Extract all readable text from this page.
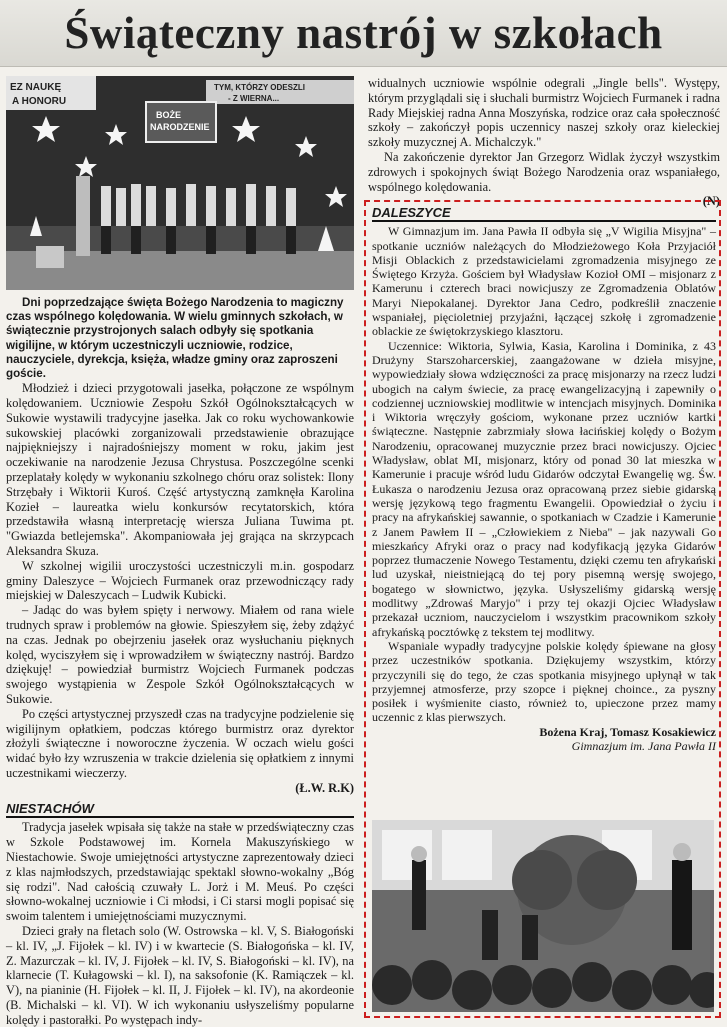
Świąteczny nastrój w szkołach
EZ NAUKĘ
A HONORU
BOŻE
NARODZENIE
TYM, KTÓRZY ODESZLI
- Z WIERNA...

Dni poprzedzające święta Bożego Narodzenia to magiczny czas wspólnego kolędowania. W wielu gminnych szkołach, w świątecznie przystrojonych salach odbyły się spotkania wigilijne, w którym uczestniczyli uczniowie, rodzice, nauczyciele, dyrekcja, księża, władze gminy oraz zaproszeni goście.

Młodzież i dzieci przygotowali jasełka, połączone ze wspólnym kolędowaniem. Uczniowie Zespołu Szkół Ogólnokształcących w Sukowie wystawili tradycyjne jasełka. Jak co roku wychowankowie sukowskiej placówki zorganizowali przedstawienie obrazujące najpiękniejszy i najradośniejszy moment w roku, jakim jest oczekiwanie na narodzenie Jezusa Chrystusa. Poszczególne scenki przeplatały kolędy w wykonaniu szkolnego chóru oraz solistek: Ilony Strzębały i Wiktorii Kuroś. Część artystyczną zamknęła Karolina Kozieł – laureatka wielu konkursów recytatorskich, która przedstawiła własną interpretację wiersza Juliana Tuwima pt. "Gwiazda betlejemska". Akompaniowała jej grająca na skrzypcach Aleksandra Skuza.

W szkolnej wigilii uroczystości uczestniczyli m.in. gospodarz gminy Daleszyce – Wojciech Furmanek oraz przewodniczący rady miejskiej w Daleszycach – Ludwik Kubicki.

– Jadąc do was byłem spięty i nerwowy. Miałem od rana wiele trudnych spraw i problemów na głowie. Spieszyłem się, żeby zdążyć na czas. Jednak po obejrzeniu jasełek oraz wysłuchaniu pięknych kolęd, wyciszyłem się i wprowadziłem w świąteczny nastrój. Bardzo dziękuję! – powiedział burmistrz Wojciech Furmanek podczas swojego wystąpienia w Zespole Szkół Ogólnokształcących w Sukowie.

Po części artystycznej przyszedł czas na tradycyjne podzielenie się wigilijnym opłatkiem, podczas którego burmistrz oraz dyrektor złożyli świąteczne i noworoczne życzenia. W oczach wielu gości widać było łzy wzruszenia w trakcie dzielenia się opłatkiem z innymi uczestnikami wieczerzy.

(Ł.W. R.K)

NIESTACHÓW

Tradycja jasełek wpisała się także na stałe w przedświąteczny czas w Szkole Podstawowej im. Kornela Makuszyńskiego w Niestachowie. Swoje umiejętności artystyczne zaprezentowały dzieci z klas najmłodszych, przedstawiając spektakl słowno-wokalny „Bóg się rodzi". Nad całością czuwały L. Jorż i M. Meuś. Po części słowno-wokalnej uczniowie i Ci młodsi, i Ci starsi mogli popisać się swoim talentem i umiejętnościami muzycznymi.

Dzieci grały na fletach solo (W. Ostrowska – kl. V, S. Białogoński – kl. IV, „J. Fijołek – kl. IV) i w kwartecie (S. Białogońska – kl. IV, Z. Mazurczak – kl. IV, J. Fijołek – kl. IV, S. Białogoński – kl. IV), na klarnecie (T. Kułagowski – kl. I), na saksofonie (K. Ramiączek – kl. V), na pianinie (H. Fijołek – kl. II, J. Fijołek – kl. IV), na akordeonie (B. Michalski – kl. VI). W ich wykonaniu usłyszeliśmy popularne kolędy i pastorałki. Po występach indy-

widualnych uczniowie wspólnie odegrali „Jingle bells". Występy, którym przyglądali się i słuchali burmistrz Wojciech Furmanek i radna Rady Miejskiej radna Anna Moszyńska, rodzice oraz cała społeczność szkoły – zakończył popis uczennicy naszej szkoły oraz kieleckiej szkoły muzycznej A. Michalczyk."

Na zakończenie dyrektor Jan Grzegorz Widlak życzył wszystkim zdrowych i spokojnych świąt Bożego Narodzenia oraz wspaniałego, wspólnego kolędowania.

(N)

DALESZYCE

W Gimnazjum im. Jana Pawła II odbyła się „V Wigilia Misyjna" – spotkanie uczniów należących do Młodzieżowego Koła Przyjaciół Misji Oblackich z przedstawicielami zgromadzenia misyjnego ze Świętego Krzyża. Gościem był Władysław Kozioł OMI – misjonarz z Kamerunu i czterech braci nowicjuszy ze Zgromadzenia Oblatów Maryi Niepokalanej. Dyrektor Jana Cedro, podkreślił znaczenie wspaniałej, pięcioletniej przyjaźni, łączącej szkołę i zgromadzenie oblackie ze świętokrzyskiego klasztoru.

Uczennice: Wiktoria, Sylwia, Kasia, Karolina i Dominika, z 43 Drużyny Starszoharcerskiej, zaangażowane w dzieła misyjne, wypowiedziały słowa wdzięczności za pracę misjonarzy na rzecz ludzi ubogich na całym świecie, za pracę ewangelizacyjną i zapewniły o codziennej uczniowskiej modlitwie w intencjach misyjnych. Dominika i Wiktoria wręczyły gościom, wykonane przez uczniów kartki świąteczne. Następnie zabrzmiały słowa łacińskiej kolędy o Bożym Narodzeniu, opracowanej muzycznie przez braci nowicjuszy. Ojciec Władysław, oblat MI, misjonarz, który od ponad 30 lat mieszka w Kamerunie i pracuje wśród ludu Gidarów odczytał Ewangelię wg. Św. Łukasza o narodzeniu Jezusa oraz opracowaną przez siebie gidarską wersję językową tego fragmentu Ewangelii. Opowiedział o życiu i pracy na afrykańskiej sawannie, o spotkaniach w Czadzie i Kamerunie z Janem Pawłem II – „Człowiekiem z Nieba" – jak nazywali Go mieszkańcy Afryki oraz o pracy nad kodyfikacją języka Gidarów poprzez tłumaczenie Nowego Testamentu, dzięki czemu ten afrykański lud uzyskał, nieistniejącą do tej pory pisemną wersję swojego, bogatego w słownictwo, języka. Usłyszeliśmy gidarską wersję modlitwy „Zdrowaś Maryjo" i przy tej okazji Ojciec Władysław przekazał uczniom, nauczycielom i wszystkim pracownikom szkoły afrykańską pocztówkę z tekstem tej modlitwy.

Wspaniale wypadły tradycyjne polskie kolędy śpiewane na głosy przez uczestników spotkania. Dziękujemy wszystkim, którzy przyczynili się do tego, że czas spotkania misyjnego upłynął w tak przyjemnej atmosferze, przy szopce i pięknej choince., za pyszny posiłek i wyśmienite ciasto, również to, upieczone przez mamy uczennic z klas pierwszych.

Bożena Kraj, Tomasz Kosakiewicz

Gimnazjum im. Jana Pawła II
